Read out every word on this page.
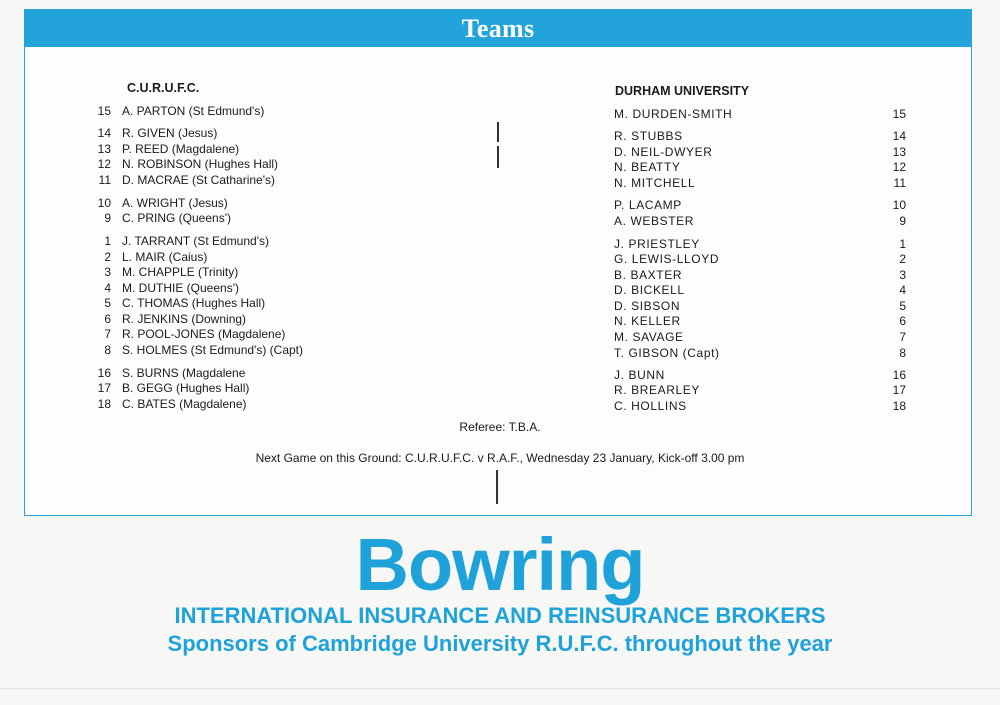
Teams
C.U.R.U.F.C.	DURHAM UNIVERSITY
15 A. PARTON (St Edmund's)
14 R. GIVEN (Jesus)
13 P. REED (Magdalene)
12 N. ROBINSON (Hughes Hall)
11 D. MACRAE (St Catharine's)
10 A. WRIGHT (Jesus)
9 C. PRING (Queens')
1 J. TARRANT (St Edmund's)
2 L. MAIR (Caius)
3 M. CHAPPLE (Trinity)
4 M. DUTHIE (Queens')
5 C. THOMAS (Hughes Hall)
6 R. JENKINS (Downing)
7 R. POOL-JONES (Magdalene)
8 S. HOLMES (St Edmund's) (Capt)
16 S. BURNS (Magdalene
17 B. GEGG (Hughes Hall)
18 C. BATES (Magdalene)
15
M. DURDEN-SMITH
14
R. STUBBS
13
D. NEIL-DWYER
12
N. BEATTY
11
N. MITCHELL
10
P. LACAMP
9
A. WEBSTER
1
J. PRIESTLEY
2
G. LEWIS-LLOYD
3
B. BAXTER
4
D. BICKELL
5
D. SIBSON
6
N. KELLER
7
M. SAVAGE
8
T. GIBSON (Capt)
16
J. BUNN
17
R. BREARLEY
18
C. HOLLINS
Referee: T.B.A.
Next Game on this Ground: C.U.R.U.F.C. v R.A.F., Wednesday 23 January, Kick-off 3.00 pm
Bowring
INTERNATIONAL INSURANCE AND REINSURANCE BROKERS
Sponsors of Cambridge University R.U.F.C. throughout the year
